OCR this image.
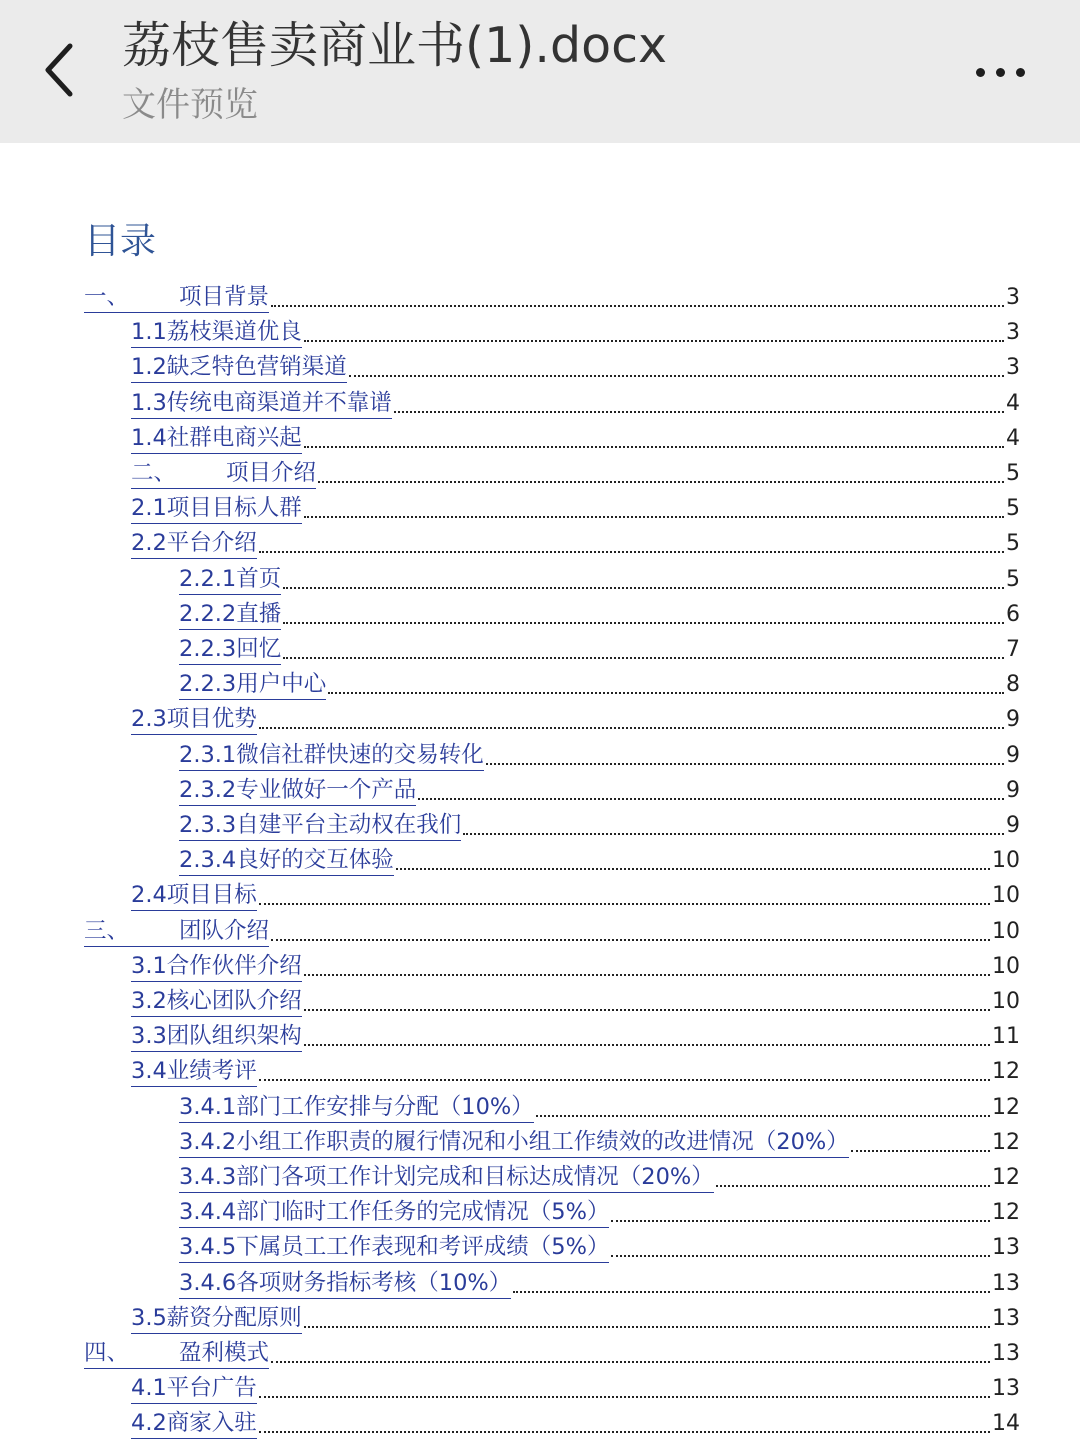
荔枝售卖商业书(1).docx
文件预览
目录
一、	项目背景	3
1.1荔枝渠道优良	3
1.2缺乏特色营销渠道	3
1.3传统电商渠道并不靠谱	4
1.4社群电商兴起	4
二、	项目介绍	5
2.1项目目标人群	5
2.2平台介绍	5
2.2.1首页	5
2.2.2直播	6
2.2.3回忆	7
2.2.3用户中心	8
2.3项目优势	9
2.3.1微信社群快速的交易转化	9
2.3.2专业做好一个产品	9
2.3.3自建平台主动权在我们	9
2.3.4良好的交互体验	10
2.4项目目标	10
三、	团队介绍	10
3.1合作伙伴介绍	10
3.2核心团队介绍	10
3.3团队组织架构	11
3.4业绩考评	12
3.4.1部门工作安排与分配（10%）	12
3.4.2小组工作职责的履行情况和小组工作绩效的改进情况（20%）	12
3.4.3部门各项工作计划完成和目标达成情况（20%）	12
3.4.4部门临时工作任务的完成情况（5%）	12
3.4.5下属员工工作表现和考评成绩（5%）	13
3.4.6各项财务指标考核（10%）	13
3.5薪资分配原则	13
四、	盈利模式	13
4.1平台广告	13
4.2商家入驻	14
